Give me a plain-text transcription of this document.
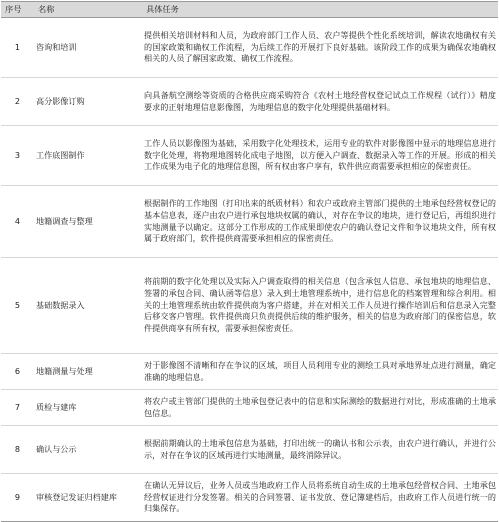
序号	名称	具体任务
1	咨询和培训	提供相关培训材料和人员，为政府部门工作人员、农户等提供个性化系统培训，解读农地确权有关的国家政策和确权工作流程，为后续工作的开展打下良好基础。该阶段工作的成果为确保农地确权相关的人员了解国家政策、确权工作流程。
2	高分影像订购	向具备航空测绘等资质的合格供应商采购符合《农村土地经营权登记试点工作规程（试行）》精度要求的正射地理信息影像图，为地理信息的数字化处理提供基础材料。
3	工作底图制作	工作人员以影像图为基础，采用数字化处理技术，运用专业的软件对影像图中显示的地理信息进行数字化处理，将物理地图转化成电子地图，以方便入户调查、数据录入等工作的开展。形成的相关工作成果为电子化的地理信息图，所有权由客户享有，软件供应商需要承担相应的保密责任。
4	地籍调查与整理	根据制作的工作地图（打印出来的纸质材料）和农户或政府主管部门提供的土地承包经营权登记的基本信息表，逐户由农户进行承包地块权属的确认，对存在争议的地块，进行登记后，再组织进行实地测量予以确定。这部分工作形成的工作成果即使农户的确认登记文件和争议地块文件，所有权属于政府部门，软件提供商需要承担相应的保密责任。
5	基础数据录入	将前期的数字化处理以及实际入户调查取得的相关信息（包含承包人信息、承包地块的地理信息、签署的承包合同、确认函等信息）录入到土地管理系统中，进行信息化的档案管理和综合利用。相关的土地管理系统由软件提供商为客户搭建，并在对相关工作人员进行操作培训后和信息录入完整后移交客户管理。软件提供商只负责提供后续的维护服务，相关的信息为政府部门的保密信息，软件提供商享有所有权，需要承担保密责任。
6	地籍测量与处理	对于影像图不清晰和存在争议的区域，项目人员利用专业的测绘工具对承地界址点进行测量，确定准确的地理信息。
7	质检与建库	将农户或主管部门提供的土地承包登记表中的信息和实际测绘的数据进行对比，形成准确的土地承包信息。
8	确认与公示	根据前期确认的土地承包信息为基础，打印出统一的确认书和公示表，由农户进行确认，并进行公示，对存在争议的区域再进行实地测量，最终消除异议。
9	审核登记发证归档建库	在确认无异议后，业务人员或当地政府工作人员将系统自动生成的土地承包经营权合同、土地承包经营权证进行分发签署。相关的合同签署、证书发放、登记簿建档后，由政府工作人员进行统一的归集保存。
